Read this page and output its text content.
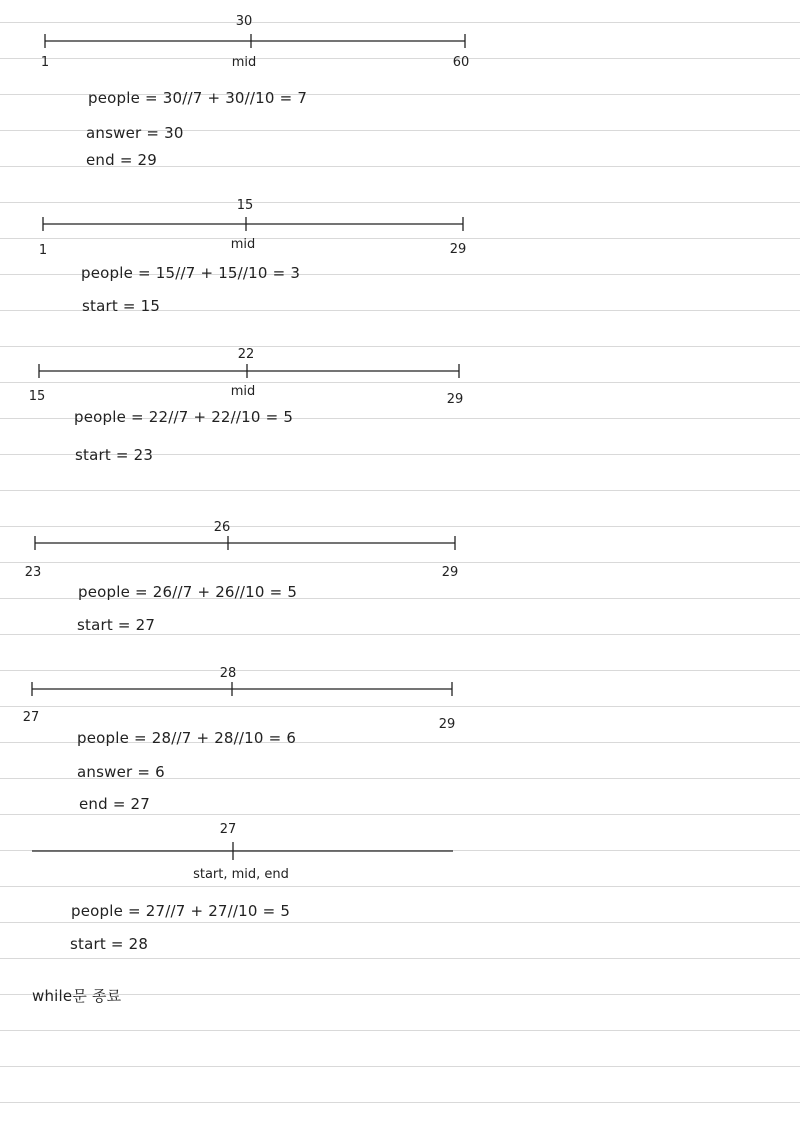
30
1	mid	60
people = 30//7 + 30//10 = 7
answer = 30
end = 29
15
1	mid	29
people = 15//7 + 15//10 = 3
start = 15
22
15	mid
29
people = 22//7 + 22//10 = 5
start = 23
26
23	29
people = 26//7 + 26//10 = 5
start = 27
28
27	29
people = 28//7 + 28//10 = 6
answer = 6
end = 27
27
start, mid, end
people = 27//7 + 27//10 = 5
start = 28
while문 종료
